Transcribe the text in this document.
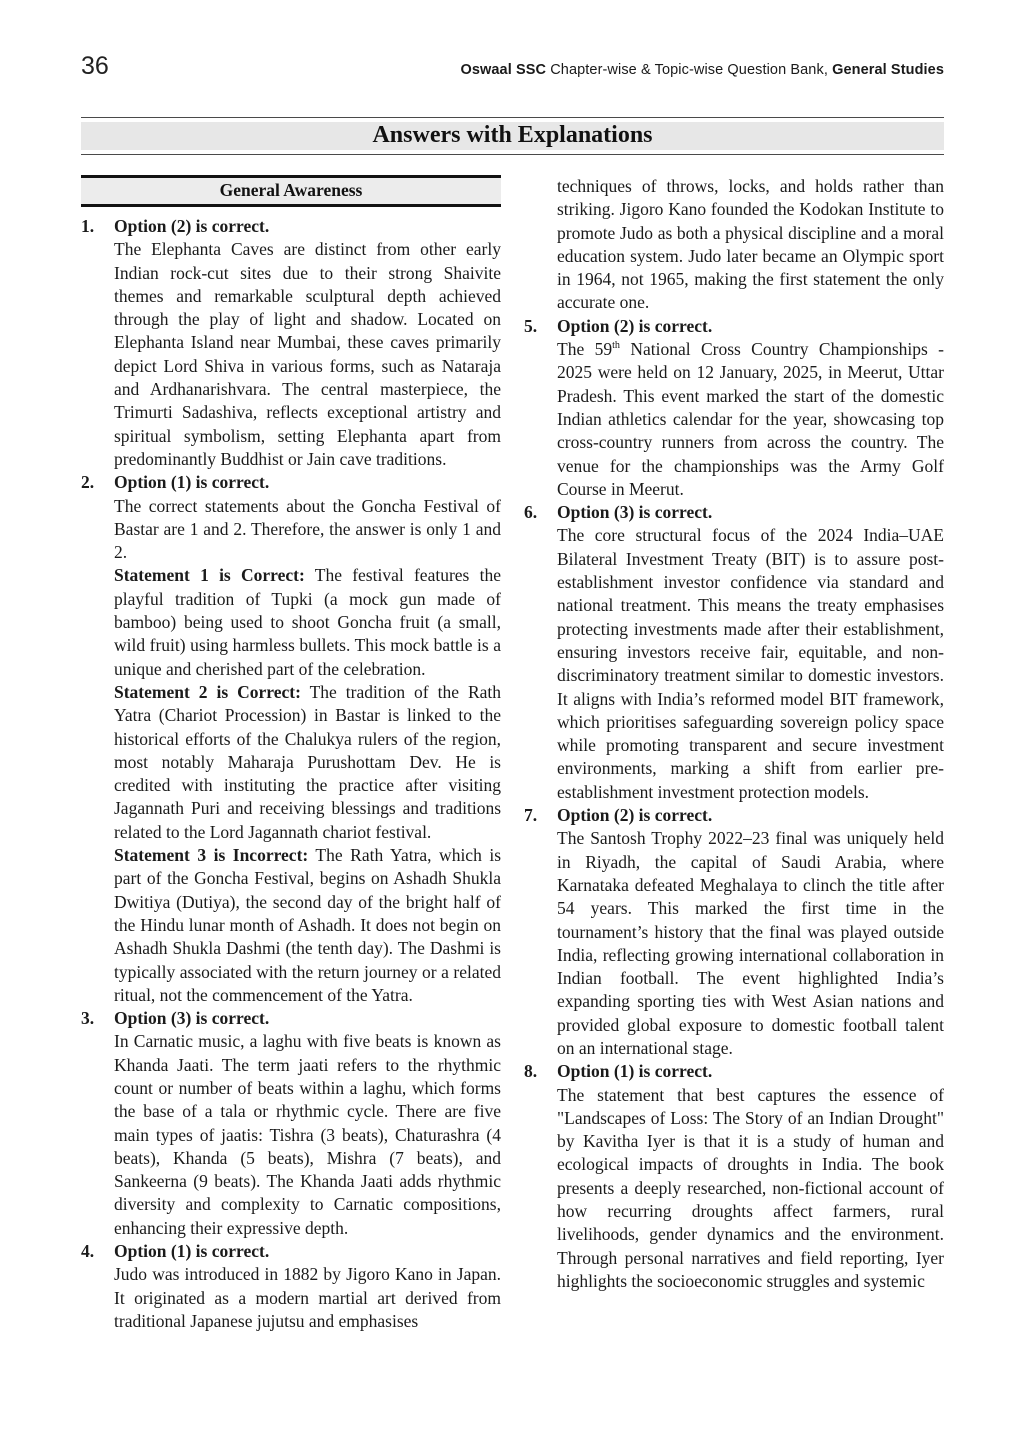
36	Oswaal SSC Chapter-wise & Topic-wise Question Bank, General Studies
Answers with Explanations
General Awareness
1.	Option (2) is correct.

The Elephanta Caves are distinct from other early Indian rock-cut sites due to their strong Shaivite themes and remarkable sculptural depth achieved through the play of light and shadow. Located on Elephanta Island near Mumbai, these caves primarily depict Lord Shiva in various forms, such as Nataraja and Ardhanarishvara. The central masterpiece, the Trimurti Sadashiva, reflects exceptional artistry and spiritual symbolism, setting Elephanta apart from predominantly Buddhist or Jain cave traditions.

2.	Option (1) is correct.

The correct statements about the Goncha Festival of Bastar are 1 and 2. Therefore, the answer is only 1 and 2.

Statement 1 is Correct: The festival features the playful tradition of Tupki (a mock gun made of bamboo) being used to shoot Goncha fruit (a small, wild fruit) using harmless bullets. This mock battle is a unique and cherished part of the celebration.

Statement 2 is Correct: The tradition of the Rath Yatra (Chariot Procession) in Bastar is linked to the historical efforts of the Chalukya rulers of the region, most notably Maharaja Purushottam Dev. He is credited with instituting the practice after visiting Jagannath Puri and receiving blessings and traditions related to the Lord Jagannath chariot festival.

Statement 3 is Incorrect: The Rath Yatra, which is part of the Goncha Festival, begins on Ashadh Shukla Dwitiya (Dutiya), the second day of the bright half of the Hindu lunar month of Ashadh. It does not begin on Ashadh Shukla Dashmi (the tenth day). The Dashmi is typically associated with the return journey or a related ritual, not the commencement of the Yatra.

3.	Option (3) is correct.

In Carnatic music, a laghu with five beats is known as Khanda Jaati. The term jaati refers to the rhythmic count or number of beats within a laghu, which forms the base of a tala or rhythmic cycle. There are five main types of jaatis: Tishra (3 beats), Chaturashra (4 beats), Khanda (5 beats), Mishra (7 beats), and Sankeerna (9 beats). The Khanda Jaati adds rhythmic diversity and complexity to Carnatic compositions, enhancing their expressive depth.

4.	Option (1) is correct.

Judo was introduced in 1882 by Jigoro Kano in Japan. It originated as a modern martial art derived from traditional Japanese jujutsu and emphasises

techniques of throws, locks, and holds rather than striking. Jigoro Kano founded the Kodokan Institute to promote Judo as both a physical discipline and a moral education system. Judo later became an Olympic sport in 1964, not 1965, making the first statement the only accurate one.

5.	Option (2) is correct.

The 59th National Cross Country Championships - 2025 were held on 12 January, 2025, in Meerut, Uttar Pradesh. This event marked the start of the domestic Indian athletics calendar for the year, showcasing top cross-country runners from across the country. The venue for the championships was the Army Golf Course in Meerut.

6.	Option (3) is correct.

The core structural focus of the 2024 India–UAE Bilateral Investment Treaty (BIT) is to assure post-establishment investor confidence via standard and national treatment. This means the treaty emphasises protecting investments made after their establishment, ensuring investors receive fair, equitable, and non-discriminatory treatment similar to domestic investors. It aligns with India’s reformed model BIT framework, which prioritises safeguarding sovereign policy space while promoting transparent and secure investment environments, marking a shift from earlier pre-establishment investment protection models.

7.	Option (2) is correct.

The Santosh Trophy 2022–23 final was uniquely held in Riyadh, the capital of Saudi Arabia, where Karnataka defeated Meghalaya to clinch the title after 54 years. This marked the first time in the tournament’s history that the final was played outside India, reflecting growing international collaboration in Indian football. The event highlighted India’s expanding sporting ties with West Asian nations and provided global exposure to domestic football talent on an international stage.

8.	Option (1) is correct.

The statement that best captures the essence of "Landscapes of Loss: The Story of an Indian Drought" by Kavitha Iyer is that it is a study of human and ecological impacts of droughts in India. The book presents a deeply researched, non-fictional account of how recurring droughts affect farmers, rural livelihoods, gender dynamics and the environment. Through personal narratives and field reporting, Iyer highlights the socioeconomic struggles and systemic
